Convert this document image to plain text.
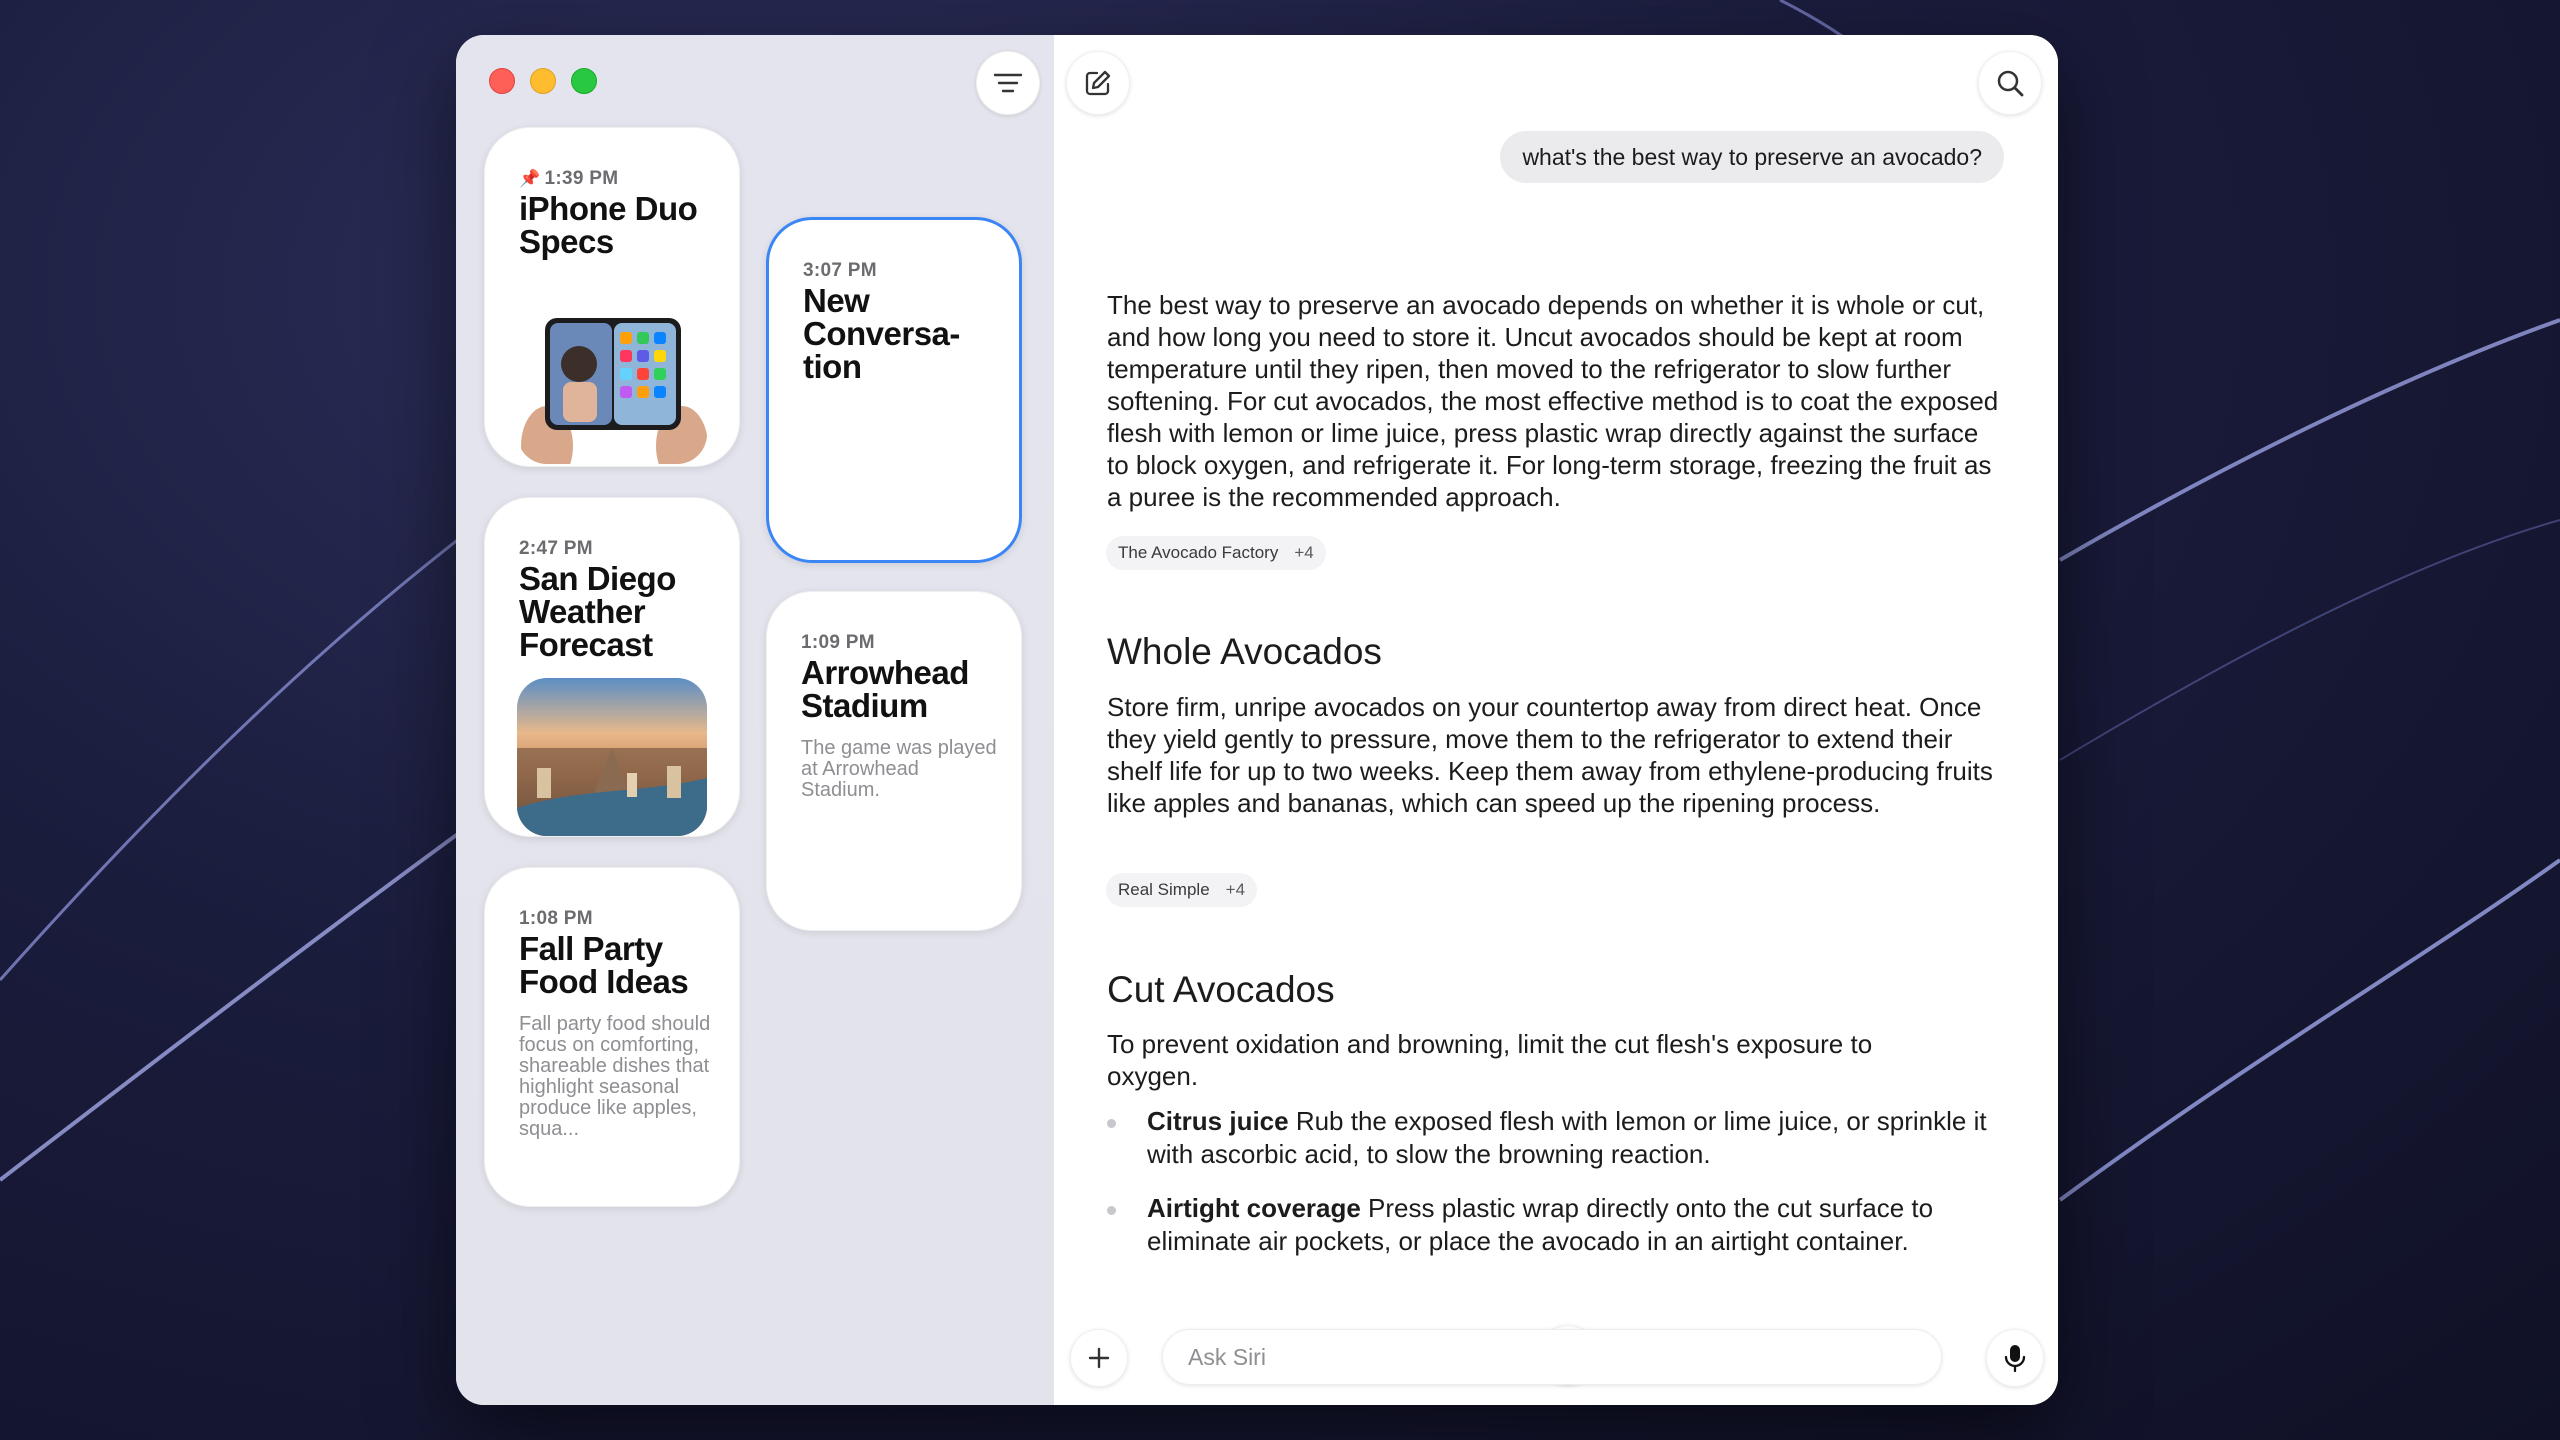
📌 1:39 PM
iPhone Duo Specs
3:07 PM
New Conversa-tion
2:47 PM
San Diego Weather Forecast	1:09 PM
Arrowhead Stadium
The game was played at Arrowhead Stadium.
1:08 PM
Fall Party Food Ideas
Fall party food should focus on comforting, shareable dishes that highlight seasonal produce like apples, squa...
what's the best way to preserve an avocado?
The best way to preserve an avocado depends on whether it is whole or cut, and how long you need to store it. Uncut avocados should be kept at room temperature until they ripen, then moved to the refrigerator to slow further softening. For cut avocados, the most effective method is to coat the exposed flesh with lemon or lime juice, press plastic wrap directly against the surface to block oxygen, and refrigerate it. For long-term storage, freezing the fruit as a puree is the recommended approach.
The Avocado Factory +4
Whole Avocados
Store firm, unripe avocados on your countertop away from direct heat. Once they yield gently to pressure, move them to the refrigerator to extend their shelf life for up to two weeks. Keep them away from ethylene-producing fruits like apples and bananas, which can speed up the ripening process.
Real Simple +4
Cut Avocados
To prevent oxidation and browning, limit the cut flesh's exposure to oxygen.
Citrus juice Rub the exposed flesh with lemon or lime juice, or sprinkle it with ascorbic acid, to slow the browning reaction.
Airtight coverage Press plastic wrap directly onto the cut surface to eliminate air pockets, or place the avocado in an airtight container.
Ask Siri
